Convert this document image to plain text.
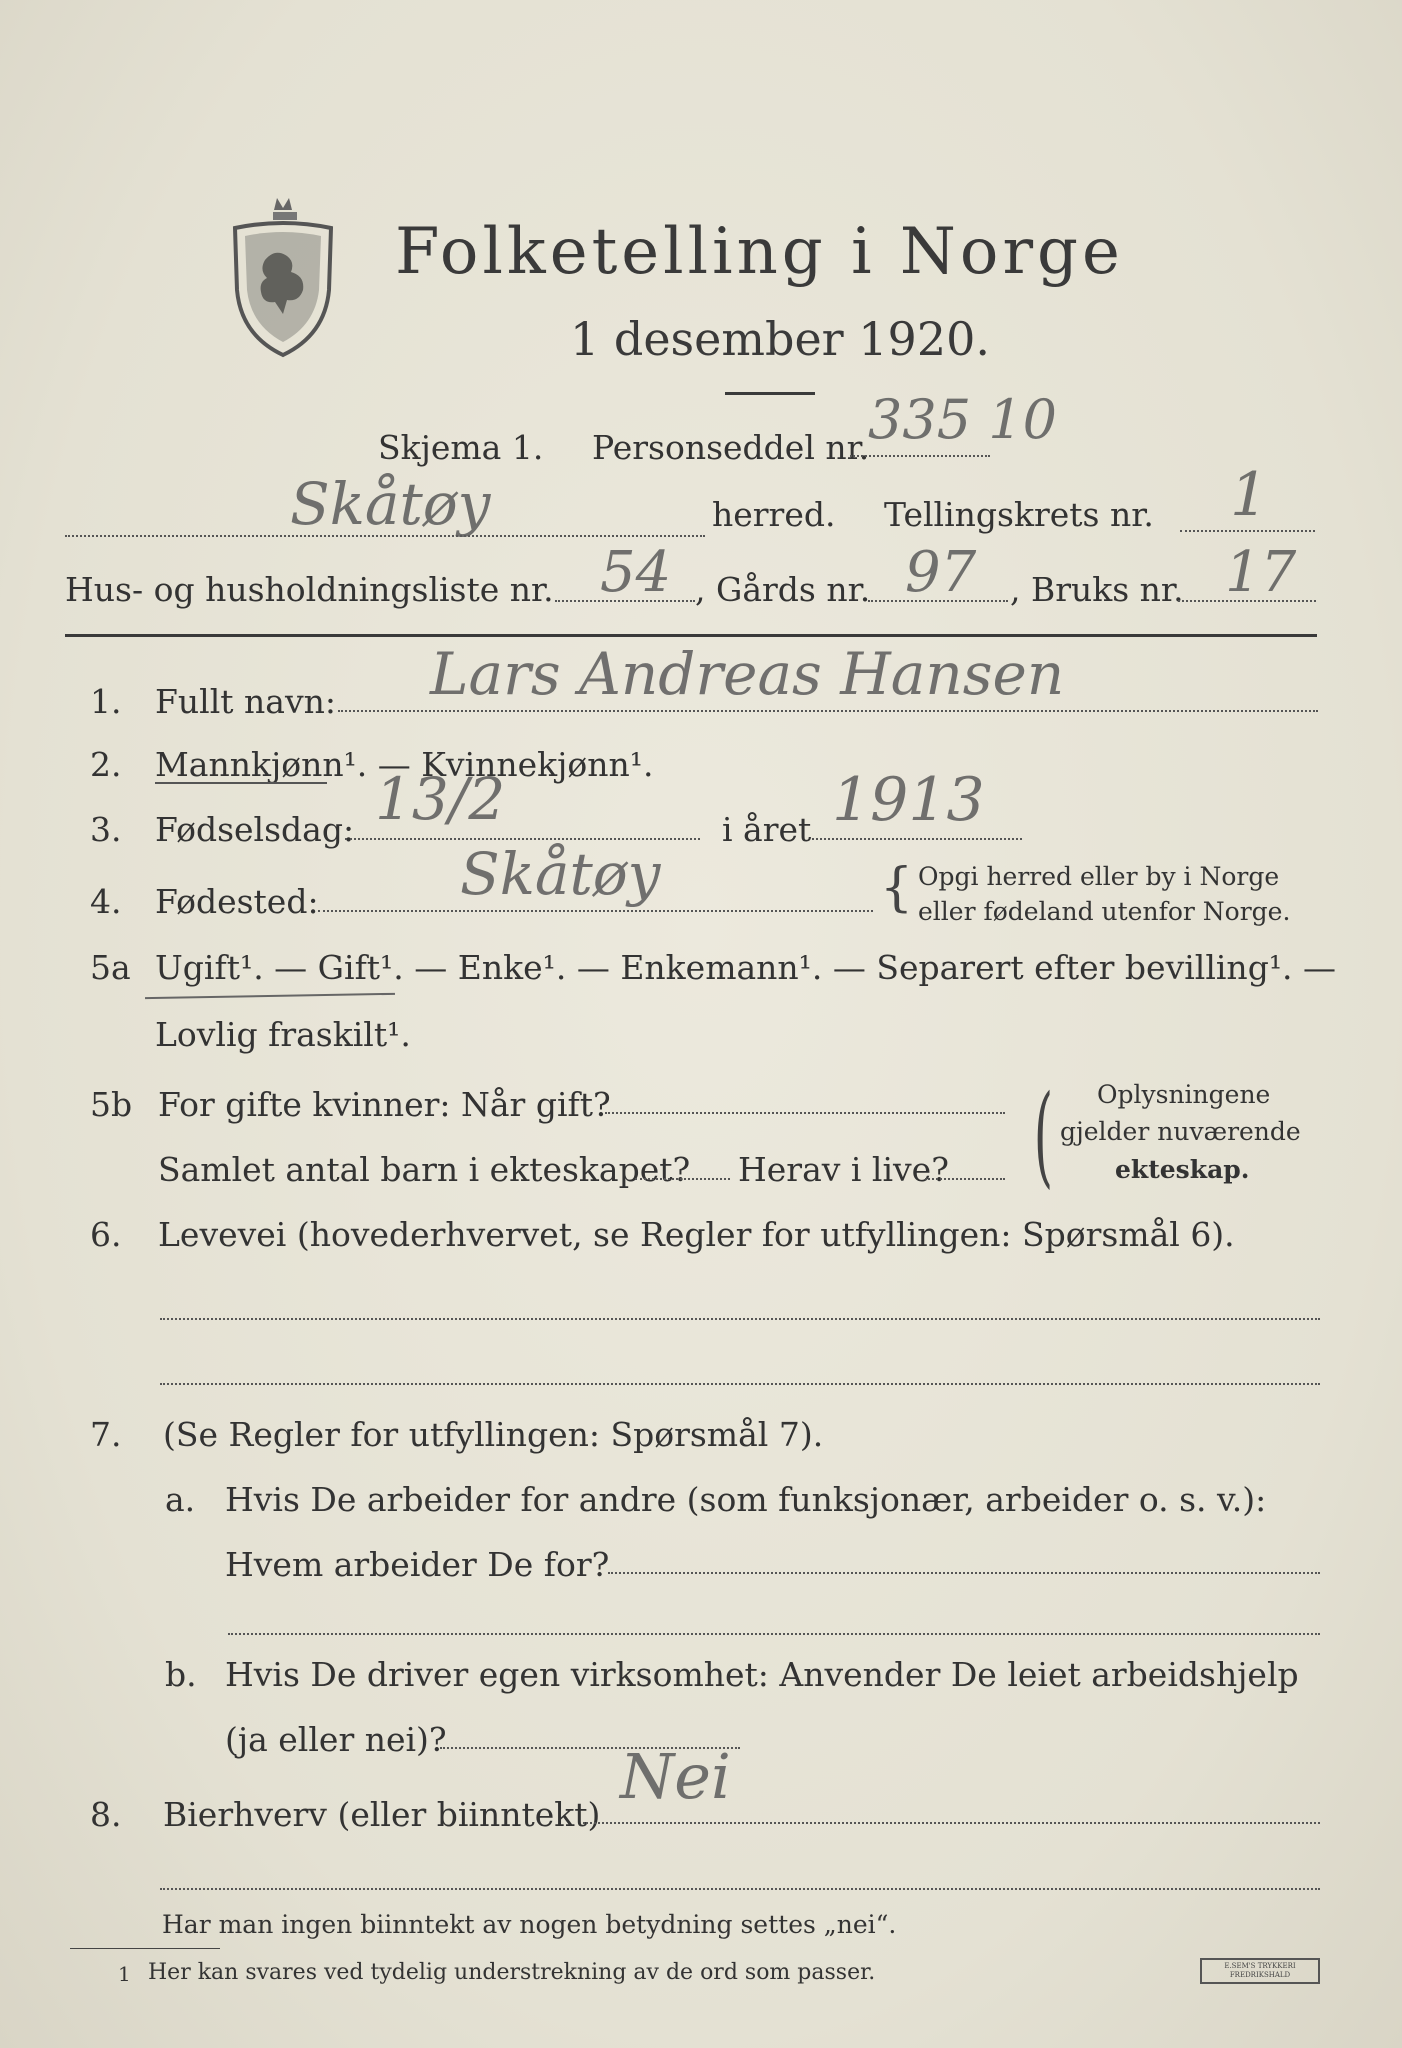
Folketelling i Norge
1 desember 1920.
Skjema 1. Personseddel nr.
335 10
Skåtøy	herred. Tellingskrets nr. 1
Hus- og husholdningsliste nr. 54 , Gårds nr. 97 , Bruks nr. 17
1. Fullt navn: Lars Andreas Hansen
2. Mannkjønn¹. — Kvinnekjønn¹.
3. Fødselsdag: 13/2	i året 1913
4. Fødested: Skåtøy	{ Opgi herred eller by i Norge
eller fødeland utenfor Norge.
5a Ugift¹. — Gift¹. — Enke¹. — Enkemann¹. — Separert efter bevilling¹. —
Lovlig fraskilt¹.
5b For gifte kvinner: Når gift?
Samlet antal barn i ekteskapet? Herav i live? ( Oplysningene
gjelder nuværende
ekteskap.
6. Levevei (hovederhvervet, se Regler for utfyllingen: Spørsmål 6).
7. (Se Regler for utfyllingen: Spørsmål 7).
a. Hvis De arbeider for andre (som funksjonær, arbeider o. s. v.):
Hvem arbeider De for?
b. Hvis De driver egen virksomhet: Anvender De leiet arbeidshjelp
(ja eller nei)?
8. Bierhverv (eller biinntekt)
Nei
Har man ingen biinntekt av nogen betydning settes „nei“.
1 Her kan svares ved tydelig understrekning av de ord som passer.	E.SEM'S TRYKKERI
FREDRIKSHALD
